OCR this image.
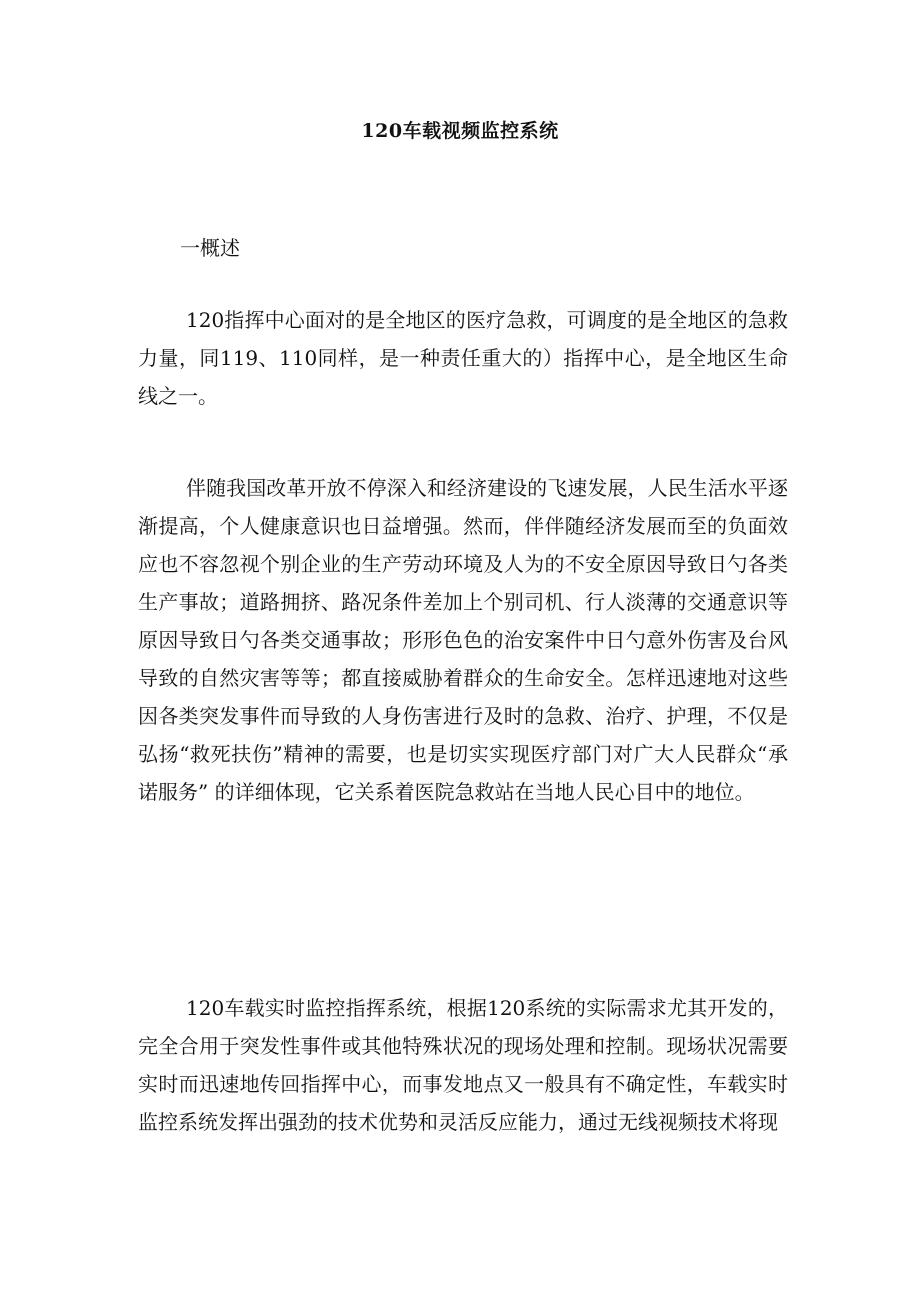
120车载视频监控系统
一概述

120指挥中心面对的是全地区的医疗急救，可调度的是全地区的急救力量，同119、110同样，是一种责任重大的）指挥中心，是全地区生命线之一。

伴随我国改革开放不停深入和经济建设的飞速发展，人民生活水平逐渐提高，个人健康意识也日益增强。然而，伴伴随经济发展而至的负面效应也不容忽视个别企业的生产劳动环境及人为的不安全原因导致日勺各类生产事故；道路拥挤、路况条件差加上个别司机、行人淡薄的交通意识等原因导致日勺各类交通事故；形形色色的治安案件中日勺意外伤害及台风导致的自然灾害等等；都直接威胁着群众的生命安全。怎样迅速地对这些因各类突发事件而导致的人身伤害进行及时的急救、治疗、护理，不仅是弘扬“救死扶伤”精神的需要，也是切实实现医疗部门对广大人民群众“承诺服务” 的详细体现，它关系着医院急救站在当地人民心目中的地位。

120车载实时监控指挥系统，根据120系统的实际需求尤其开发的，完全合用于突发性事件或其他特殊状况的现场处理和控制。现场状况需要实时而迅速地传回指挥中心，而事发地点又一般具有不确定性，车载实时监控系统发挥出强劲的技术优势和灵活反应能力，通过无线视频技术将现
